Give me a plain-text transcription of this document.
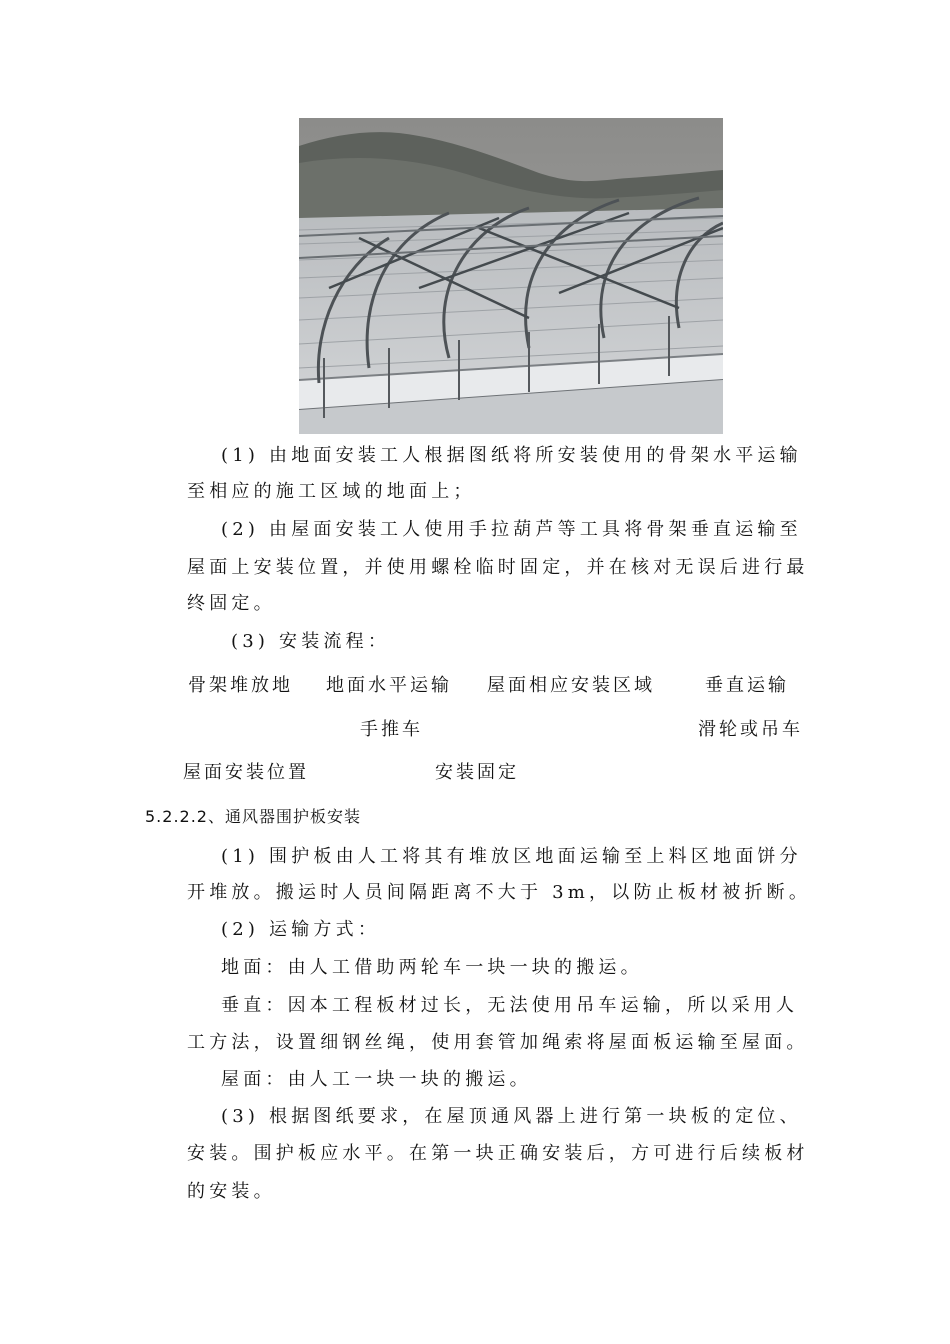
(1) 由地面安装工人根据图纸将所安装使用的骨架水平运输
至相应的施工区域的地面上；
(2) 由屋面安装工人使用手拉葫芦等工具将骨架垂直运输至
屋面上安装位置，并使用螺栓临时固定，并在核对无误后进行最
终固定。
(3) 安装流程：
骨架堆放地 地面水平运输 屋面相应安装区域	垂直运输
手推车	滑轮或吊车
屋面安装位置	安装固定
5.2.2.2、通风器围护板安装
(1) 围护板由人工将其有堆放区地面运输至上料区地面饼分
开堆放。搬运时人员间隔距离不大于 3m，以防止板材被折断。
(2) 运输方式：
地面：由人工借助两轮车一块一块的搬运。
垂直：因本工程板材过长，无法使用吊车运输，所以采用人
工方法，设置细钢丝绳，使用套管加绳索将屋面板运输至屋面。
屋面：由人工一块一块的搬运。
(3) 根据图纸要求，在屋顶通风器上进行第一块板的定位、
安装。围护板应水平。在第一块正确安装后，方可进行后续板材
的安装。
